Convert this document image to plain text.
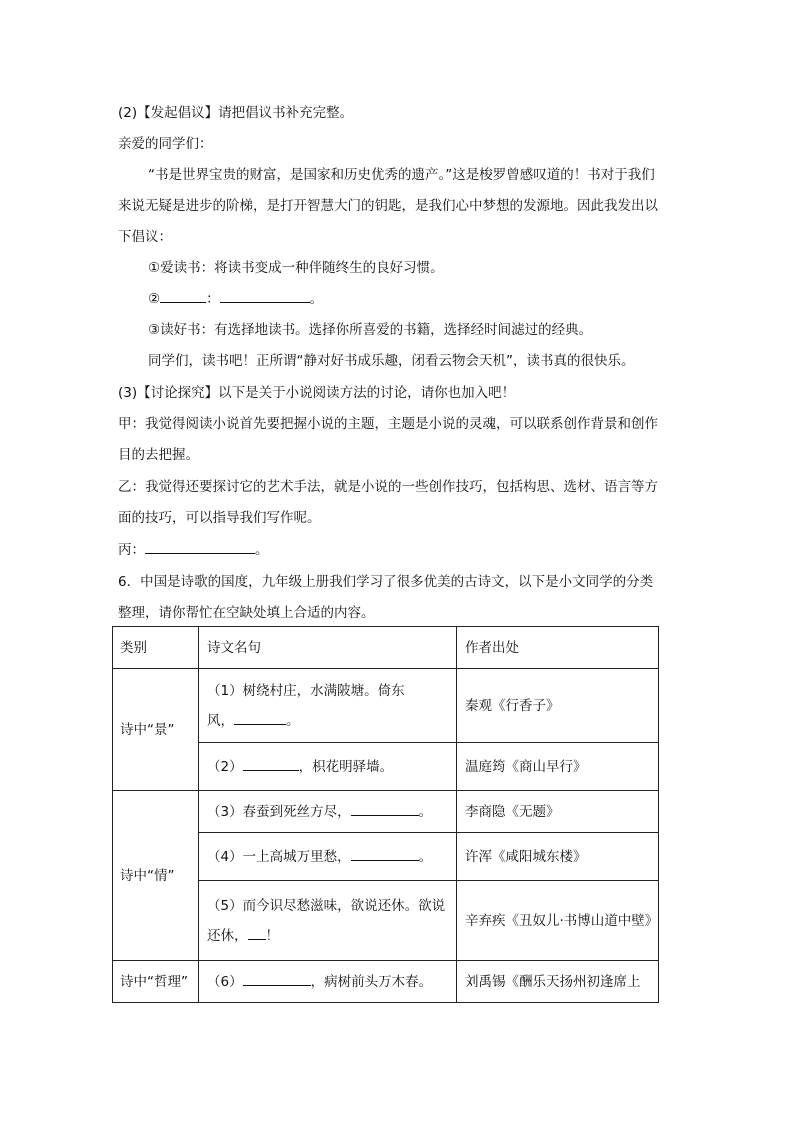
(2)【发起倡议】请把倡议书补充完整。
亲爱的同学们：
“书是世界宝贵的财富，是国家和历史优秀的遗产。”这是梭罗曾感叹道的！书对于我们
来说无疑是进步的阶梯，是打开智慧大门的钥匙，是我们心中梦想的发源地。因此我发出以
下倡议：
①爱读书：将读书变成一种伴随终生的良好习惯。
②	：	。
③读好书：有选择地读书。选择你所喜爱的书籍，选择经时间滤过的经典。
同学们，读书吧！正所谓“静对好书成乐趣，闭看云物会天机”，读书真的很快乐。
(3)【讨论探究】以下是关于小说阅读方法的讨论，请你也加入吧！
甲：我觉得阅读小说首先要把握小说的主题，主题是小说的灵魂，可以联系创作背景和创作
目的去把握。
乙：我觉得还要探讨它的艺术手法，就是小说的一些创作技巧，包括构思、选材、语言等方
面的技巧，可以指导我们写作呢。
丙：	。
6．中国是诗歌的国度，九年级上册我们学习了很多优美的古诗文，以下是小文同学的分类
整理，请你帮忙在空缺处填上合适的内容。
类别	诗文名句	作者出处
诗中“景”	（1）树绕村庄，水满陂塘。倚东
风， 。	秦观《行香子》
	（2） ，枳花明驿墙。	温庭筠《商山早行》
诗中“情”	（3）春蚕到死丝方尽， 。	李商隐《无题》
	（4）一上高城万里愁， 。	许浑《咸阳城东楼》
	（5）而今识尽愁滋味，欲说还休。欲说
还休， ！	辛弃疾《丑奴儿·书博山道中壁》
诗中“哲理”	（6） ，病树前头万木春。	刘禹锡《酬乐天扬州初逢席上
